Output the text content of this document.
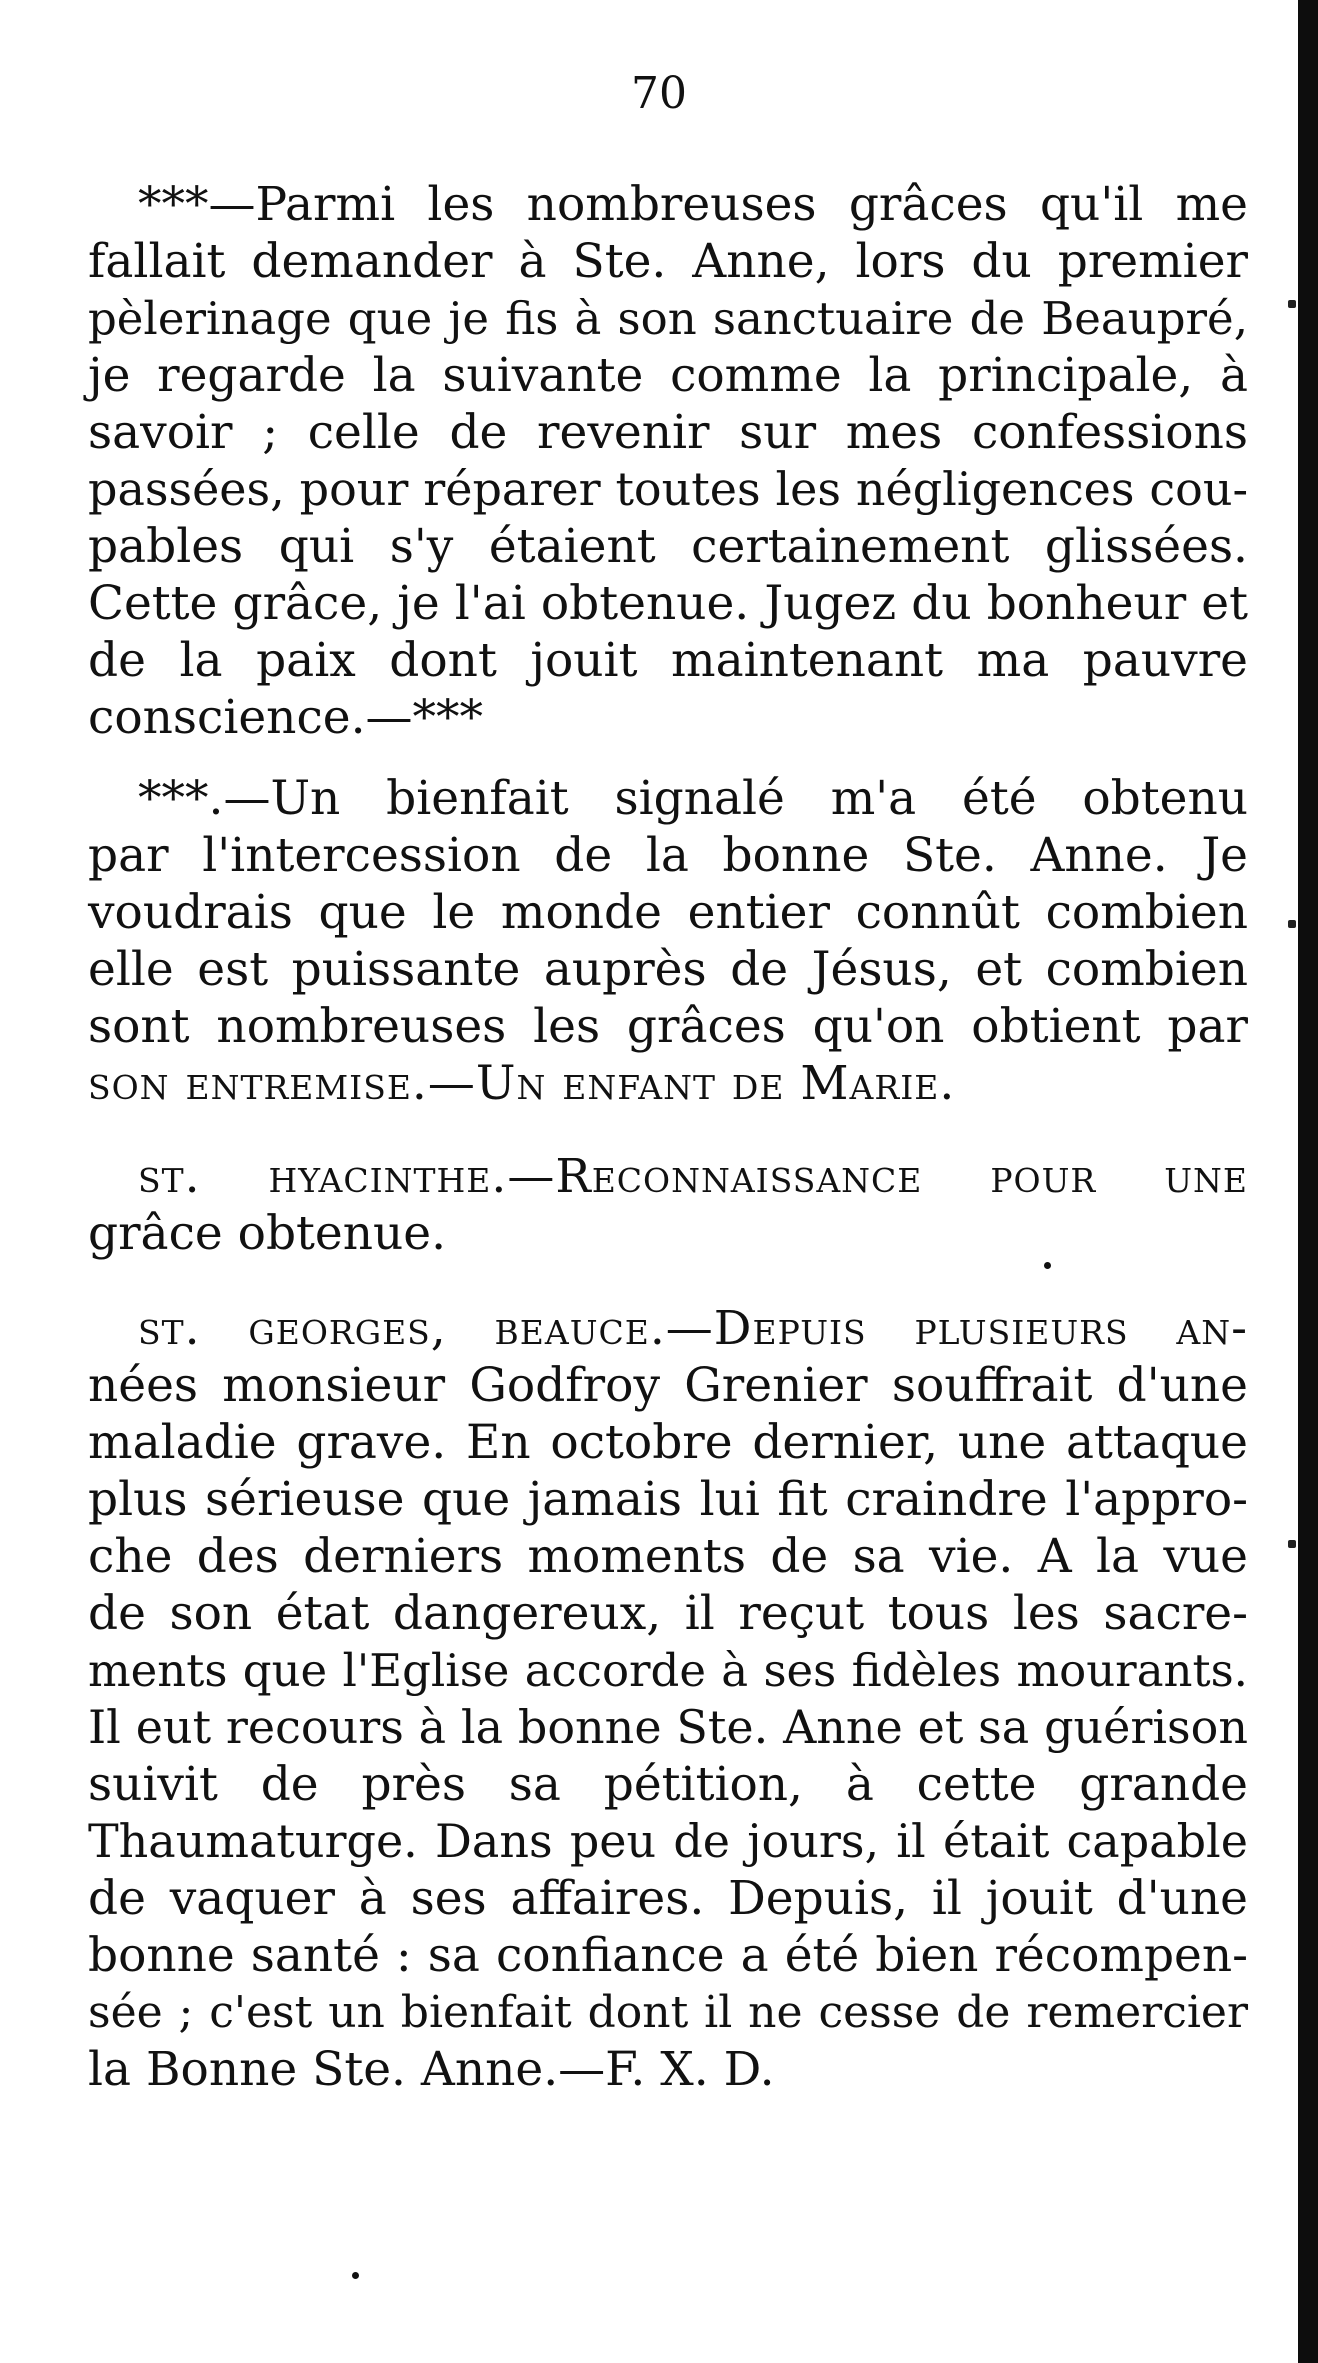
70
***—Parmi les nombreuses grâces qu'il me
fallait demander à Ste. Anne, lors du premier
pèlerinage que je fis à son sanctuaire de Beaupré,
je regarde la suivante comme la principale, à
savoir ; celle de revenir sur mes confessions
passées, pour réparer toutes les négligences cou-
pables qui s'y étaient certainement glissées.
Cette grâce, je l'ai obtenue. Jugez du bonheur et
de la paix dont jouit maintenant ma pauvre
conscience.—***
***.—Un bienfait signalé m'a été obtenu
par l'intercession de la bonne Ste. Anne. Je
voudrais que le monde entier connût combien
elle est puissante auprès de Jésus, et combien
sont nombreuses les grâces qu'on obtient par
son entremise.—Un enfant de Marie.
st. hyacinthe.—Reconnaissance pour une
grâce obtenue.
st. georges, beauce.—Depuis plusieurs an-
nées monsieur Godfroy Grenier souffrait d'une
maladie grave. En octobre dernier, une attaque
plus sérieuse que jamais lui fit craindre l'appro-
che des derniers moments de sa vie. A la vue
de son état dangereux, il reçut tous les sacre-
ments que l'Eglise accorde à ses fidèles mourants.
Il eut recours à la bonne Ste. Anne et sa guérison
suivit de près sa pétition, à cette grande
Thaumaturge. Dans peu de jours, il était capable
de vaquer à ses affaires. Depuis, il jouit d'une
bonne santé : sa confiance a été bien récompen-
sée ; c'est un bienfait dont il ne cesse de remercier
la Bonne Ste. Anne.—F. X. D.
